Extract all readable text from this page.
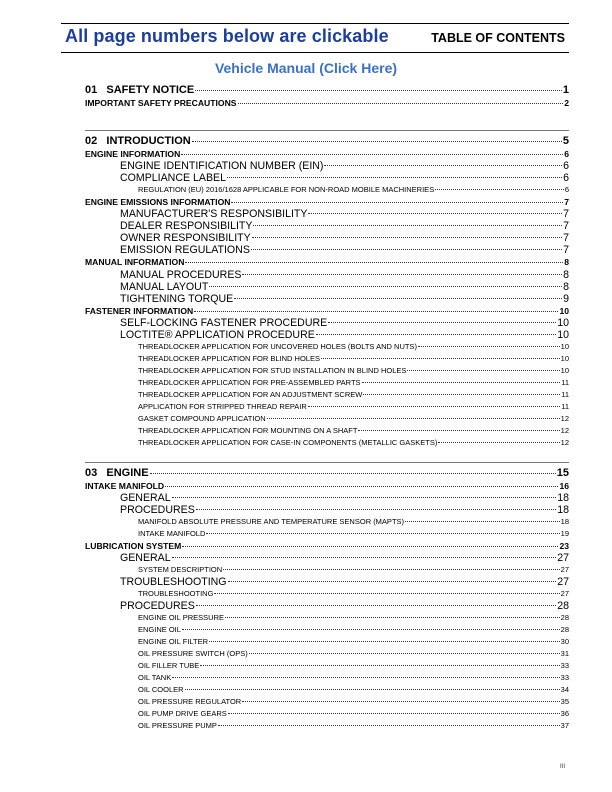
All page numbers below are clickable	TABLE OF CONTENTS
Vehicle Manual (Click Here)
01   SAFETY NOTICE	1
IMPORTANT SAFETY PRECAUTIONS	2
02   INTRODUCTION	5
ENGINE INFORMATION	6
ENGINE IDENTIFICATION NUMBER (EIN)	6
COMPLIANCE LABEL	6
REGULATION (EU) 2016/1628 APPLICABLE FOR NON-ROAD MOBILE MACHINERIES	6
ENGINE EMISSIONS INFORMATION	7
MANUFACTURER'S RESPONSIBILITY	7
DEALER RESPONSIBILITY	7
OWNER RESPONSIBILITY	7
EMISSION REGULATIONS	7
MANUAL INFORMATION	8
MANUAL PROCEDURES	8
MANUAL LAYOUT	8
TIGHTENING TORQUE	9
FASTENER INFORMATION	10
SELF-LOCKING FASTENER PROCEDURE	10
LOCTITE® APPLICATION PROCEDURE	10
THREADLOCKER APPLICATION FOR UNCOVERED HOLES (BOLTS AND NUTS)	10
THREADLOCKER APPLICATION FOR BLIND HOLES	10
THREADLOCKER APPLICATION FOR STUD INSTALLATION IN BLIND HOLES	10
THREADLOCKER APPLICATION FOR PRE-ASSEMBLED PARTS	11
THREADLOCKER APPLICATION FOR AN ADJUSTMENT SCREW	11
APPLICATION FOR STRIPPED THREAD REPAIR	11
GASKET COMPOUND APPLICATION	12
THREADLOCKER APPLICATION FOR MOUNTING ON A SHAFT	12
THREADLOCKER APPLICATION FOR CASE-IN COMPONENTS (METALLIC GASKETS)	12
03   ENGINE	15
INTAKE MANIFOLD	16
GENERAL	18
PROCEDURES	18
MANIFOLD ABSOLUTE PRESSURE AND TEMPERATURE SENSOR (MAPTS)	18
INTAKE MANIFOLD	19
LUBRICATION SYSTEM	23
GENERAL	27
SYSTEM DESCRIPTION	27
TROUBLESHOOTING	27
TROUBLESHOOTING	27
PROCEDURES	28
ENGINE OIL PRESSURE	28
ENGINE OIL	28
ENGINE OIL FILTER	30
OIL PRESSURE SWITCH (OPS)	31
OIL FILLER TUBE	33
OIL TANK	33
OIL COOLER	34
OIL PRESSURE REGULATOR	35
OIL PUMP DRIVE GEARS	36
OIL PRESSURE PUMP	37
III
